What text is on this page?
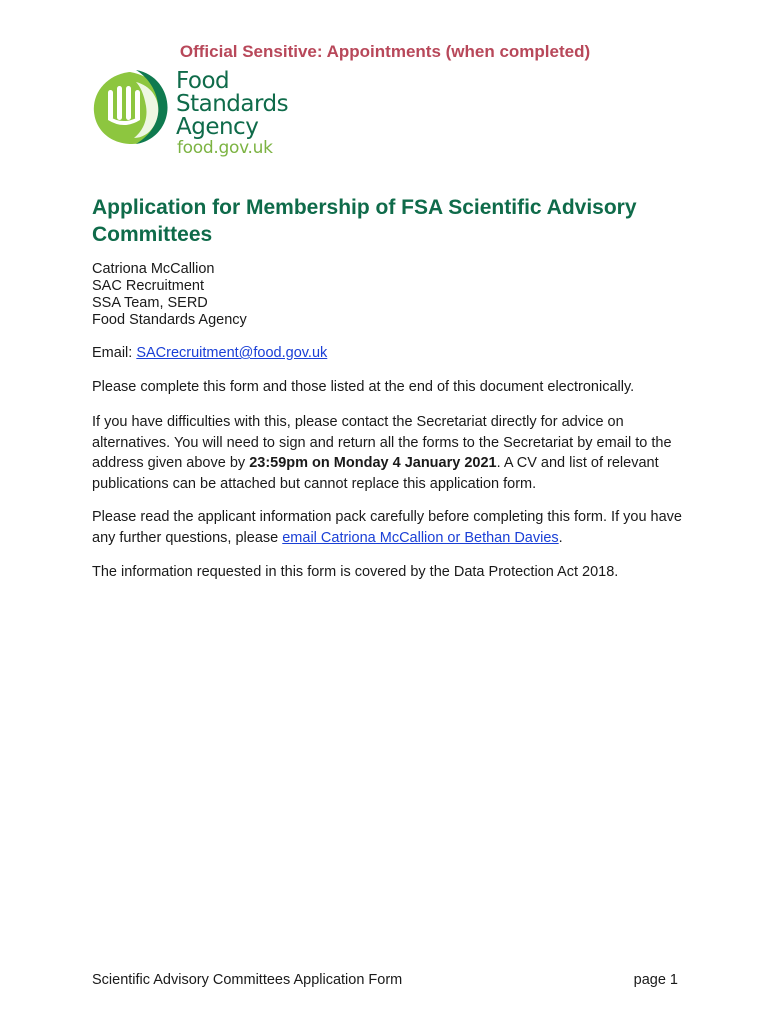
Official Sensitive: Appointments (when completed)
Food
Standards
Agency
food.gov.uk
Application for Membership of FSA Scientific Advisory Committees
Catriona McCallion
SAC Recruitment
SSA Team, SERD
Food Standards Agency

Email: SACrecruitment@food.gov.uk

Please complete this form and those listed at the end of this document electronically.

If you have difficulties with this, please contact the Secretariat directly for advice on alternatives. You will need to sign and return all the forms to the Secretariat by email to the address given above by 23:59pm on Monday 4 January 2021. A CV and list of relevant publications can be attached but cannot replace this application form.

Please read the applicant information pack carefully before completing this form. If you have any further questions, please email Catriona McCallion or Bethan Davies.

The information requested in this form is covered by the Data Protection Act 2018.

Scientific Advisory Committees Application Form	page 1
